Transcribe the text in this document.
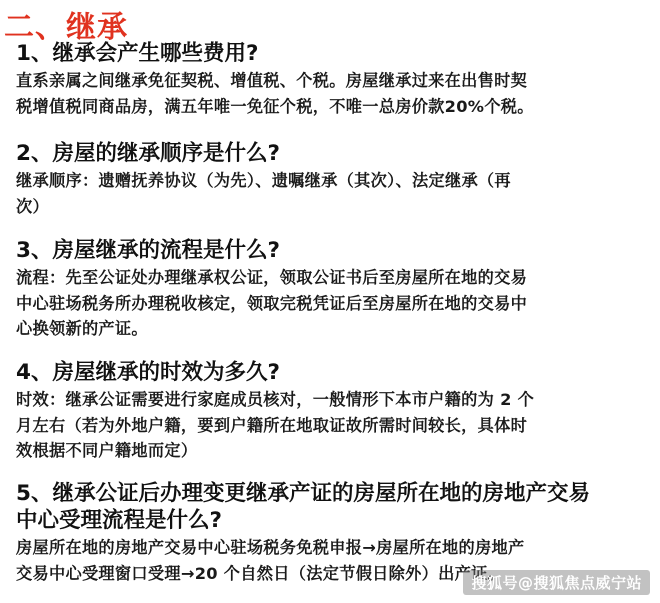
二、继承
1、继承会产生哪些费用?
直系亲属之间继承免征契税、增值税、个税。房屋继承过来在出售时契
税增值税同商品房，满五年唯一免征个税，不唯一总房价款20%个税。
2、房屋的继承顺序是什么?
继承顺序：遗赠抚养协议（为先）、遗嘱继承（其次）、法定继承（再
次）
3、房屋继承的流程是什么?
流程：先至公证处办理继承权公证，领取公证书后至房屋所在地的交易
中心驻场税务所办理税收核定，领取完税凭证后至房屋所在地的交易中
心换领新的产证。
4、房屋继承的时效为多久?
时效：继承公证需要进行家庭成员核对，一般情形下本市户籍的为 2 个
月左右（若为外地户籍，要到户籍所在地取证故所需时间较长，具体时
效根据不同户籍地而定）
5、继承公证后办理变更继承产证的房屋所在地的房地产交易
中心受理流程是什么?
房屋所在地的房地产交易中心驻场税务免税申报→房屋所在地的房地产
交易中心受理窗口受理→20 个自然日（法定节假日除外）出产证。
搜狐号@搜狐焦点威宁站
